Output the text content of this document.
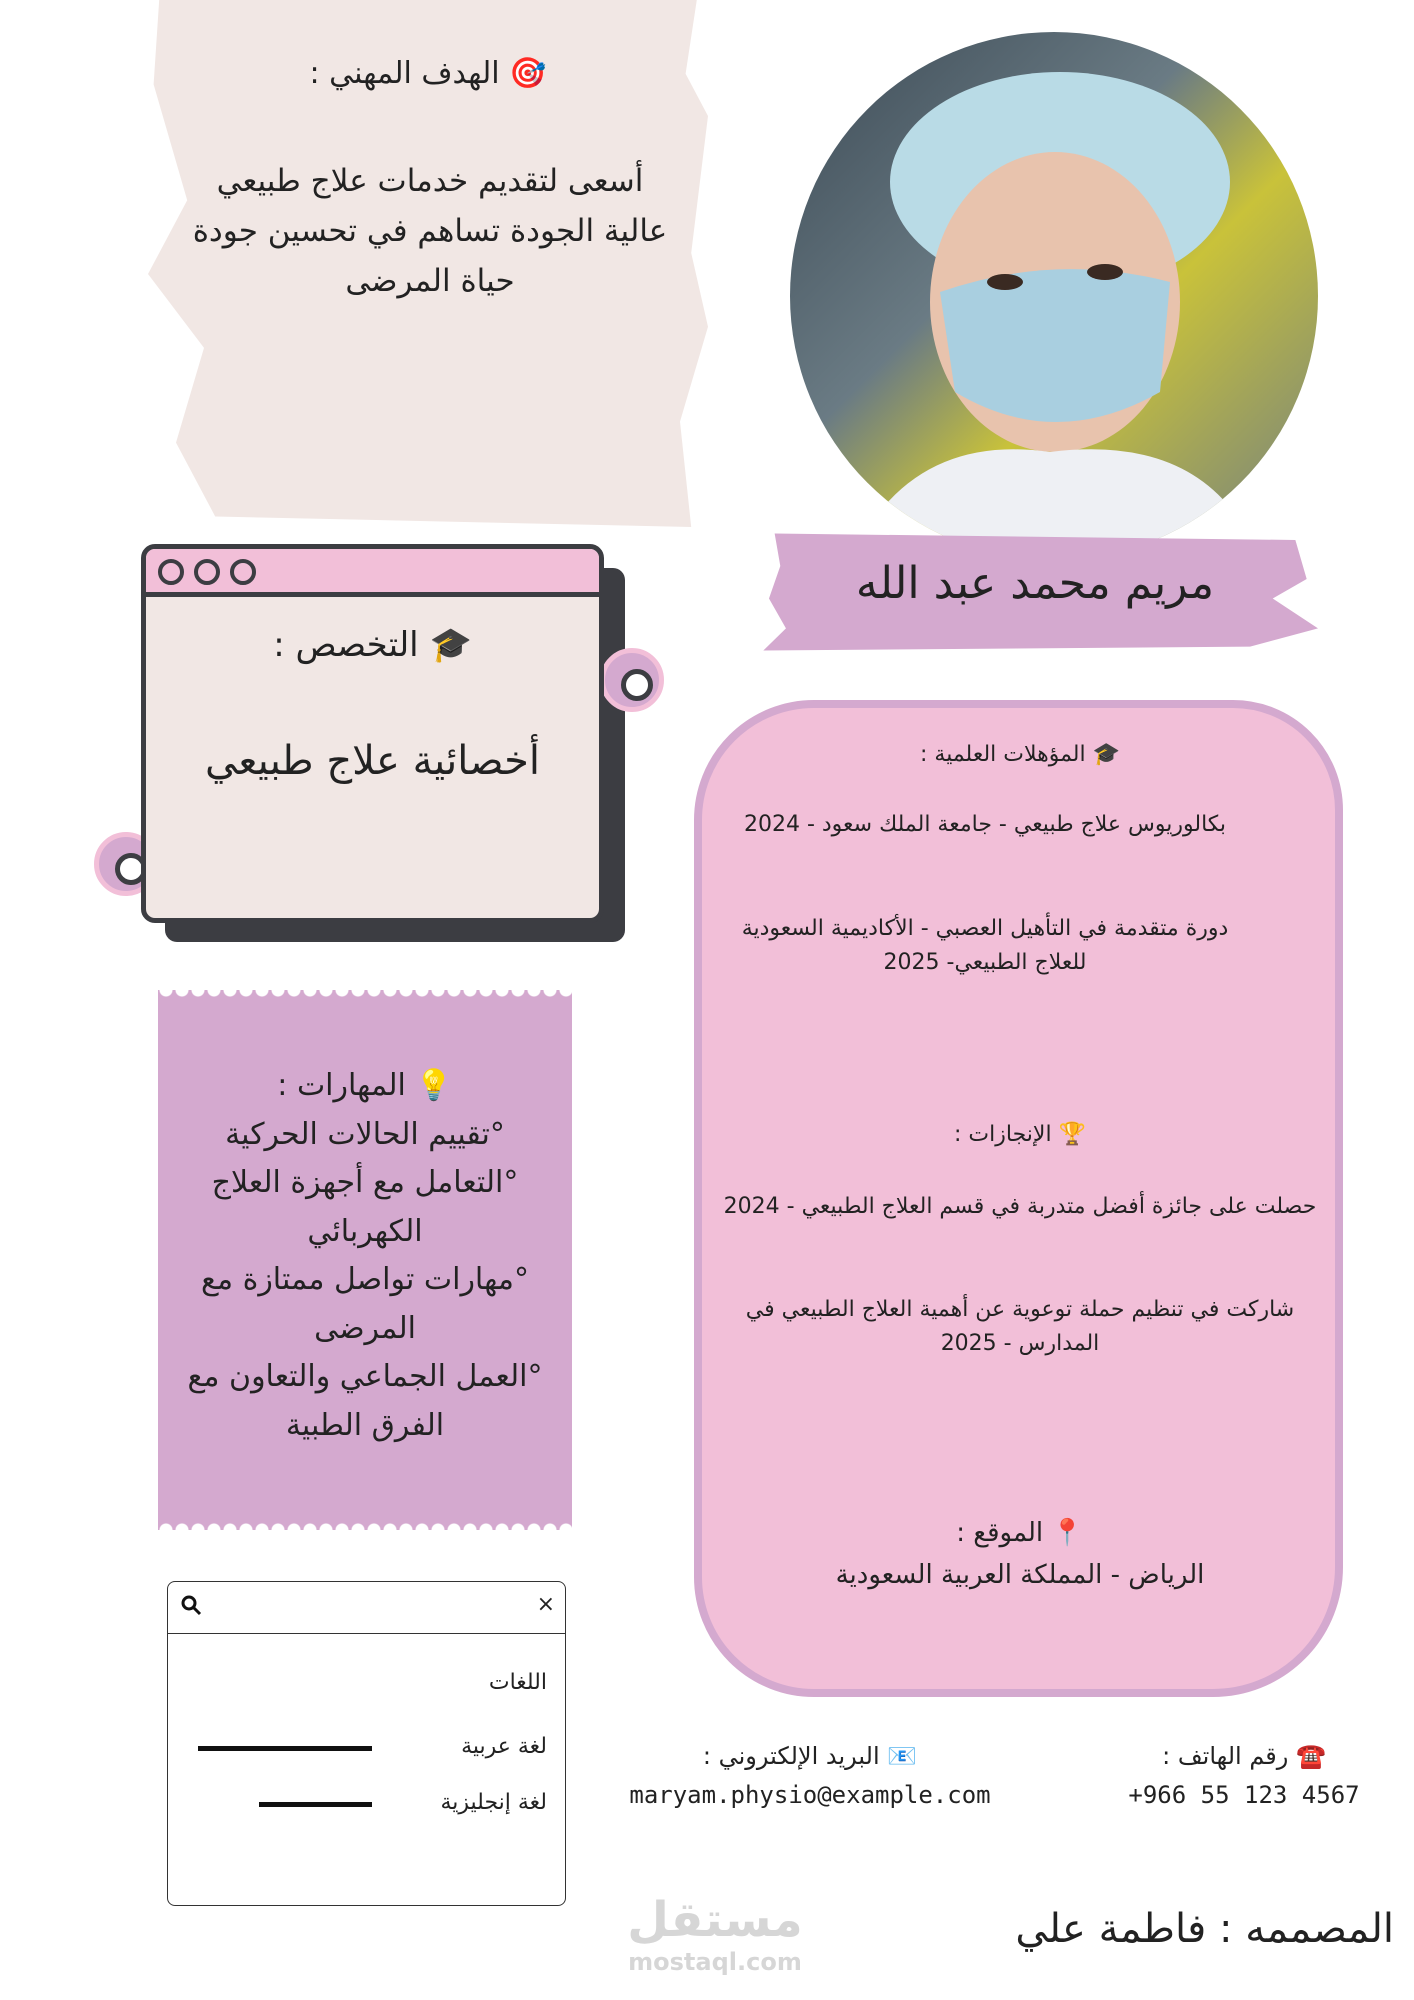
🎯 الهدف المهني :
أسعى لتقديم خدمات علاج طبيعي عالية الجودة تساهم في تحسين جودة حياة المرضى
مريم محمد عبد الله
🎓 التخصص :
أخصائية علاج طبيعي
💡 المهارات :
°تقييم الحالات الحركية
°التعامل مع أجهزة العلاج الكهربائي
°مهارات تواصل ممتازة مع المرضى
°العمل الجماعي والتعاون مع الفرق الطبية
🎓 المؤهلات العلمية :
بكالوريوس علاج طبيعي - جامعة الملك سعود - 2024
دورة متقدمة في التأهيل العصبي - الأكاديمية السعودية للعلاج الطبيعي- 2025
🏆 الإنجازات :
حصلت على جائزة أفضل متدربة في قسم العلاج الطبيعي - 2024
شاركت في تنظيم حملة توعوية عن أهمية العلاج الطبيعي في المدارس - 2025
📍 الموقع :
الرياض - المملكة العربية السعودية
×
اللغات
لغة عربية
لغة إنجليزية
☎️ رقم الهاتف :
+966 55 123 4567
📧 البريد الإلكتروني :
maryam.physio@example.com
مستقل
mostaql.com
المصممه : فاطمة علي
